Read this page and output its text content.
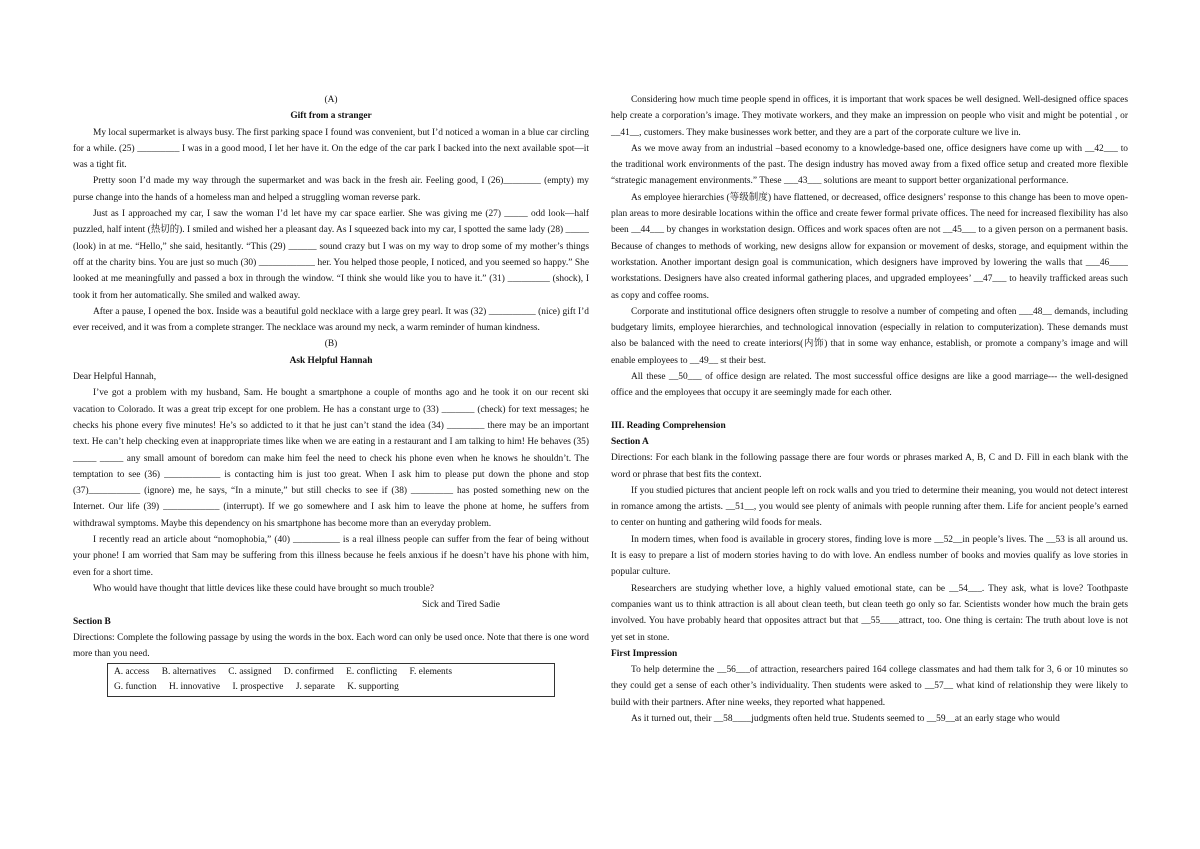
(A)

Gift from a stranger

My local supermarket is always busy. The first parking space I found was convenient, but I’d noticed a woman in a blue car circling for a while. (25) _________ I was in a good mood, I let her have it. On the edge of the car park I backed into the next available spot—it was a tight fit.

Pretty soon I’d made my way through the supermarket and was back in the fresh air. Feeling good, I (26)________ (empty) my purse change into the hands of a homeless man and helped a struggling woman reverse park.

Just as I approached my car, I saw the woman I’d let have my car space earlier. She was giving me (27) _____ odd look—half puzzled, half intent (热切的). I smiled and wished her a pleasant day. As I squeezed back into my car, I spotted the same lady (28) _____ (look) in at me. “Hello,” she said, hesitantly. “This (29) ______ sound crazy but I was on my way to drop some of my mother’s things off at the charity bins. You are just so much (30) ____________ her. You helped those people, I noticed, and you seemed so happy.” She looked at me meaningfully and passed a box in through the window. “I think she would like you to have it.” (31) _________ (shock), I took it from her automatically. She smiled and walked away.

After a pause, I opened the box. Inside was a beautiful gold necklace with a large grey pearl. It was (32) __________ (nice) gift I’d ever received, and it was from a complete stranger. The necklace was around my neck, a warm reminder of human kindness.

(B)

Ask Helpful Hannah

Dear Helpful Hannah,

I’ve got a problem with my husband, Sam. He bought a smartphone a couple of months ago and he took it on our recent ski vacation to Colorado. It was a great trip except for one problem. He has a constant urge to (33) _______ (check) for text messages; he checks his phone every five minutes! He’s so addicted to it that he just can’t stand the idea (34) ________ there may be an important text. He can’t help checking even at inappropriate times like when we are eating in a restaurant and I am talking to him! He behaves (35) _____ _____ any small amount of boredom can make him feel the need to check his phone even when he knows he shouldn’t. The temptation to see (36) ____________ is contacting him is just too great. When I ask him to please put down the phone and stop (37)___________ (ignore) me, he says, “In a minute,” but still checks to see if (38) _________ has posted something new on the Internet. Our life (39) ____________ (interrupt). If we go somewhere and I ask him to leave the phone at home, he suffers from withdrawal symptoms. Maybe this dependency on his smartphone has become more than an everyday problem.

I recently read an article about “nomophobia,” (40) __________ is a real illness people can suffer from the fear of being without your phone! I am worried that Sam may be suffering from this illness because he feels anxious if he doesn’t have his phone with him, even for a short time.

Who would have thought that little devices like these could have brought so much trouble?

Sick and Tired Sadie

Section B

Directions: Complete the following passage by using the words in the box. Each word can only be used once. Note that there is one word more than you need.

A. access B. alternatives C. assigned D. confirmed E. conflicting F. elements
G. function H. innovative I. prospective J. separate K. supporting

Considering how much time people spend in offices, it is important that work spaces be well designed. Well-designed office spaces help create a corporation’s image. They motivate workers, and they make an impression on people who visit and might be potential , or __41__, customers. They make businesses work better, and they are a part of the corporate culture we live in.

As we move away from an industrial –based economy to a knowledge-based one, office designers have come up with __42___ to the traditional work environments of the past. The design industry has moved away from a fixed office setup and created more flexible “strategic management environments.” These ___43___ solutions are meant to support better organizational performance.

As employee hierarchies (等级制度) have flattened, or decreased, office designers’ response to this change has been to move open-plan areas to more desirable locations within the office and create fewer formal private offices. The need for increased flexibility has also been __44___ by changes in workstation design. Offices and work spaces often are not __45___ to a given person on a permanent basis. Because of changes to methods of working, new designs allow for expansion or movement of desks, storage, and equipment within the workstation. Another important design goal is communication, which designers have improved by lowering the walls that ___46____ workstations. Designers have also created informal gathering places, and upgraded employees’ __47___ to heavily trafficked areas such as copy and coffee rooms.

Corporate and institutional office designers often struggle to resolve a number of competing and often ___48__ demands, including budgetary limits, employee hierarchies, and technological innovation (especially in relation to computerization). These demands must also be balanced with the need to create interiors(内饰) that in some way enhance, establish, or promote a company’s image and will enable employees to __49__ st their best.

All these __50___ of office design are related. The most successful office designs are like a good marriage--- the well-designed office and the employees that occupy it are seemingly made for each other.

III. Reading Comprehension

Section A

Directions: For each blank in the following passage there are four words or phrases marked A, B, C and D. Fill in each blank with the word or phrase that best fits the context.

If you studied pictures that ancient people left on rock walls and you tried to determine their meaning, you would not detect interest in romance among the artists. __51__, you would see plenty of animals with people running after them. Life for ancient people’s earned to center on hunting and gathering wild foods for meals.

In modern times, when food is available in grocery stores, finding love is more __52__in people’s lives. The __53 is all around us. It is easy to prepare a list of modern stories having to do with love. An endless number of books and movies qualify as love stories in popular culture.

Researchers are studying whether love, a highly valued emotional state, can be __54___. They ask, what is love? Toothpaste companies want us to think attraction is all about clean teeth, but clean teeth go only so far. Scientists wonder how much the brain gets involved. You have probably heard that opposites attract but that __55____attract, too. One thing is certain: The truth about love is not yet set in stone.

First Impression

To help determine the __56___of attraction, researchers paired 164 college classmates and had them talk for 3, 6 or 10 minutes so they could get a sense of each other’s individuality. Then students were asked to __57__ what kind of relationship they were likely to build with their partners. After nine weeks, they reported what happened.

As it turned out, their __58____judgments often held true. Students seemed to __59__at an early stage who would
